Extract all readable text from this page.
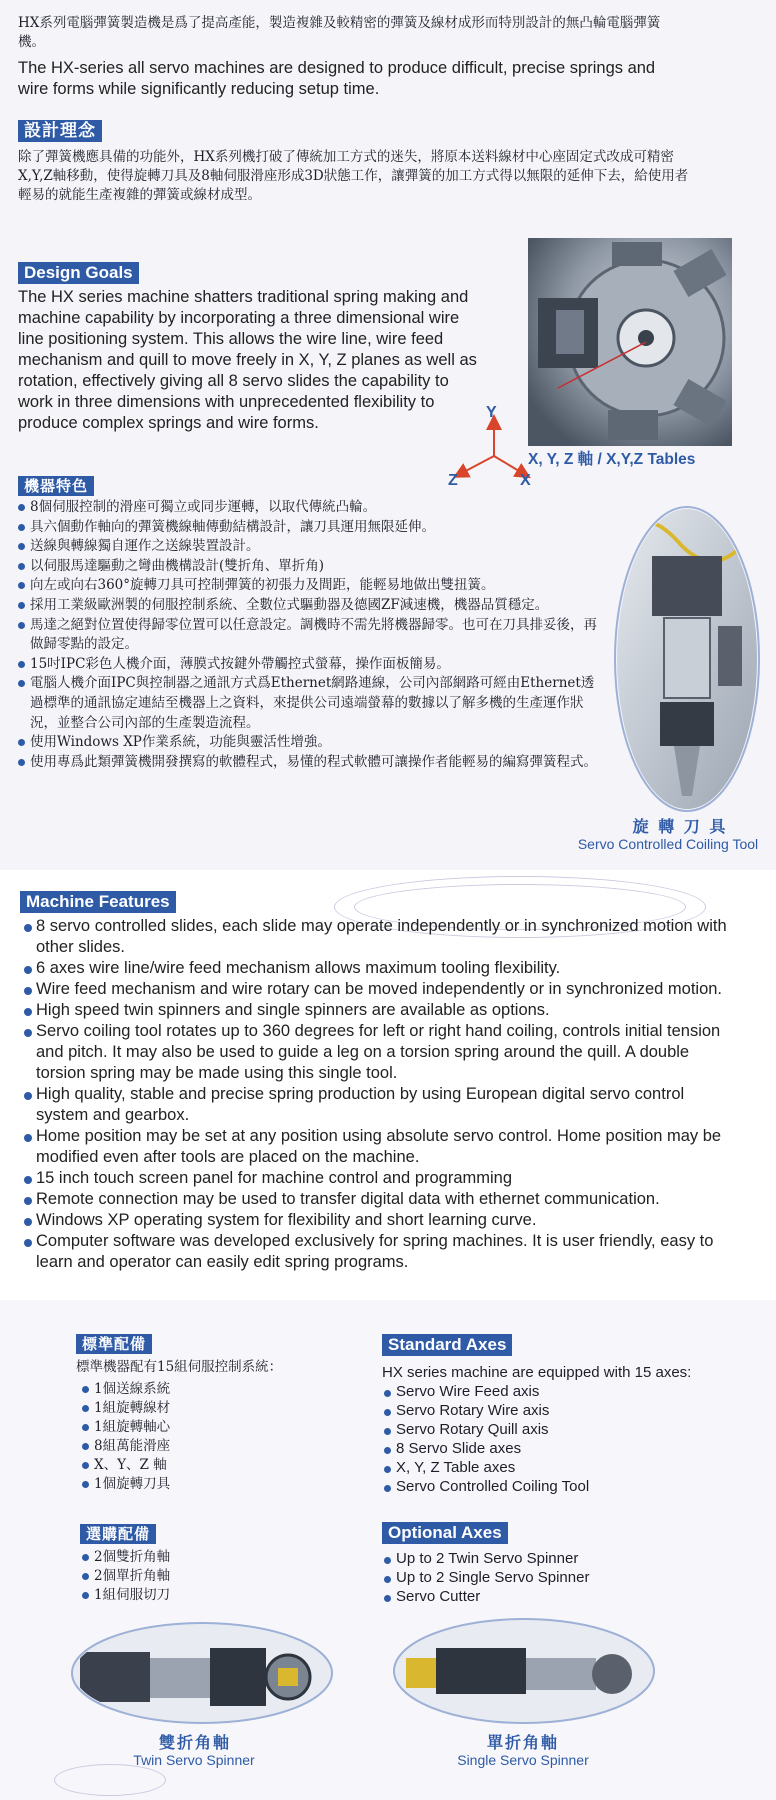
HX系列電腦彈簧製造機是爲了提高產能，製造複雜及較精密的彈簧及線材成形而特別設計的無凸輪電腦彈簧機。
The HX-series all servo machines are designed to produce difficult, precise springs and wire forms while significantly reducing setup time.
設計理念
除了彈簧機應具備的功能外，HX系列機打破了傳統加工方式的迷失，將原本送料線材中心座固定式改成可精密X,Y,Z軸移動，使得旋轉刀具及8軸伺服滑座形成3D狀態工作，讓彈簧的加工方式得以無限的延伸下去，給使用者輕易的就能生產複雜的彈簧或線材成型。
Design Goals
The HX series machine shatters traditional spring making and machine capability by incorporating a three dimensional wire line positioning system. This allows the wire line, wire feed mechanism and quill to move freely in X, Y, Z planes as well as rotation, effectively giving all 8 servo slides the capability to work in three dimensions with unprecedented flexibility to produce complex springs and wire forms.
Y
X
Z
X, Y, Z 軸 / X,Y,Z Tables
機器特色
8個伺服控制的滑座可獨立或同步運轉，以取代傳統凸輪。
具六個動作軸向的彈簧機線軸傳動結構設計，讓刀具運用無限延伸。
送線與轉線獨自運作之送線裝置設計。
以伺服馬達驅動之彎曲機構設計(雙折角、單折角)
向左或向右360°旋轉刀具可控制彈簧的初張力及間距，能輕易地做出雙扭簧。
採用工業級歐洲製的伺服控制系統、全數位式驅動器及德國ZF減速機，機器品質穩定。
馬達之絕對位置使得歸零位置可以任意設定。調機時不需先將機器歸零。也可在刀具排妥後，再做歸零點的設定。
15吋IPC彩色人機介面，薄膜式按鍵外帶觸控式螢幕，操作面板簡易。
電腦人機介面IPC與控制器之通訊方式爲Ethernet網路連線，公司內部網路可經由Ethernet透過標準的通訊協定連結至機器上之資料，來提供公司遠端螢幕的數據以了解多機的生產運作狀況，並整合公司內部的生產製造流程。
使用Windows XP作業系統，功能與靈活性增強。
使用專爲此類彈簧機開發撰寫的軟體程式，易懂的程式軟體可讓操作者能輕易的編寫彈簧程式。
旋 轉 刀 具
Servo Controlled Coiling Tool
Machine Features
8 servo controlled slides, each slide may operate independently or in synchronized motion with other slides.
6 axes wire line/wire feed mechanism allows maximum tooling flexibility.
Wire feed mechanism and wire rotary can be moved independently or in synchronized motion.
High speed twin spinners and single spinners are available as options.
Servo coiling tool rotates up to 360 degrees for left or right hand coiling, controls initial tension and pitch. It may also be used to guide a leg on a torsion spring around the quill. A double torsion spring may be made using this single tool.
High quality, stable and precise spring production by using European digital servo control system and gearbox.
Home position may be set at any position using absolute servo control. Home position may be modified even after tools are placed on the machine.
15 inch touch screen panel for machine control and programming
Remote connection may be used to transfer digital data with ethernet communication.
Windows XP operating system for flexibility and short learning curve.
Computer software was developed exclusively for spring machines. It is user friendly, easy to learn and operator can easily edit spring programs.
標準配備
標準機器配有15組伺服控制系統：
1個送線系統
1組旋轉線材
1組旋轉軸心
8組萬能滑座
X、Y、Z 軸
1個旋轉刀具
Standard Axes
HX series machine are equipped with 15 axes:
Servo Wire Feed axis
Servo Rotary Wire axis
Servo Rotary Quill axis
8 Servo Slide axes
X, Y, Z Table axes
Servo Controlled Coiling Tool
選購配備
2個雙折角軸
2個單折角軸
1組伺服切刀
Optional Axes
Up to 2 Twin Servo Spinner
Up to 2 Single Servo Spinner
Servo Cutter
雙折角軸
Twin Servo Spinner
單折角軸
Single Servo Spinner
